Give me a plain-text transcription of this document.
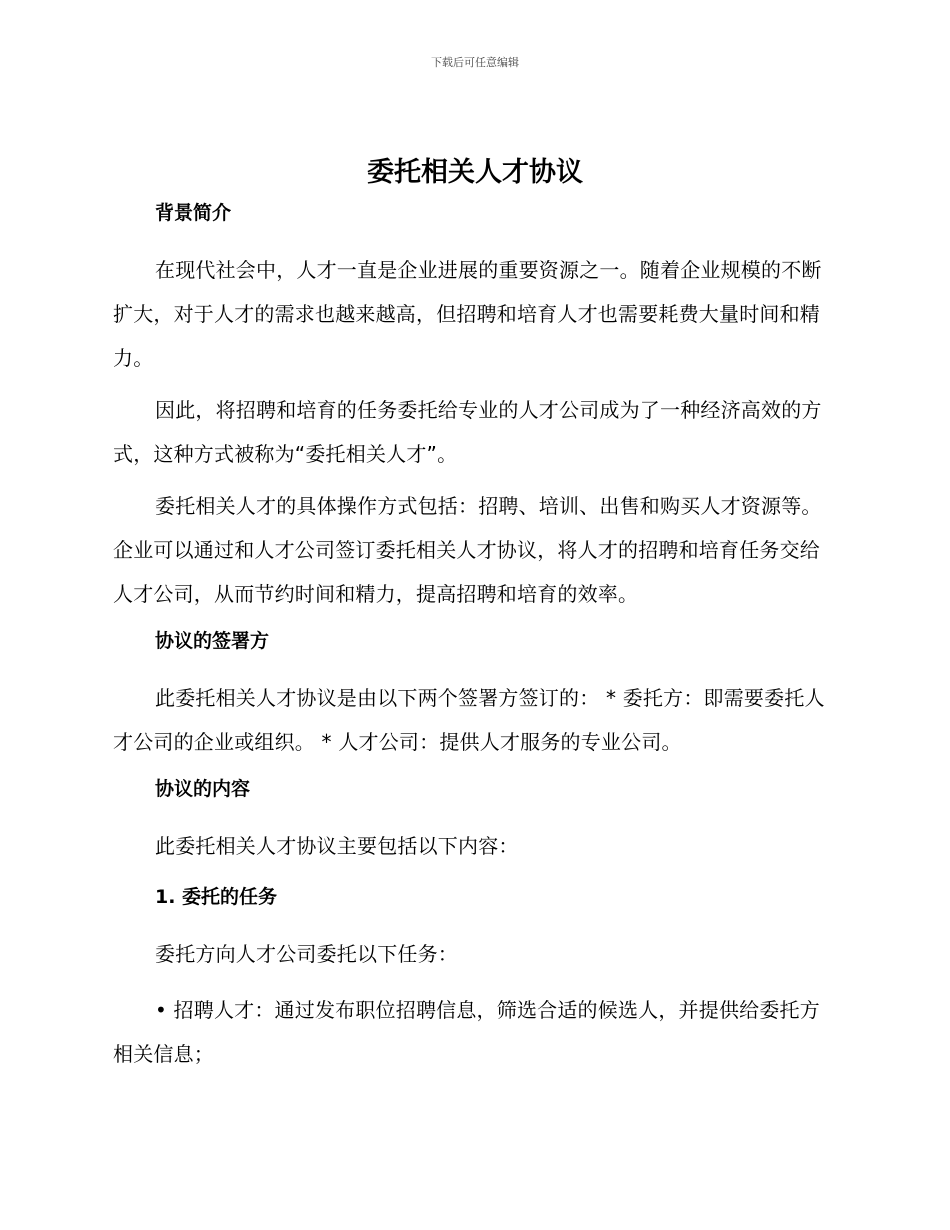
下载后可任意编辑
委托相关人才协议
背景简介
在现代社会中，人才一直是企业进展的重要资源之一。随着企业规模的不断扩大，对于人才的需求也越来越高，但招聘和培育人才也需要耗费大量时间和精力。
因此，将招聘和培育的任务委托给专业的人才公司成为了一种经济高效的方式，这种方式被称为“委托相关人才”。
委托相关人才的具体操作方式包括：招聘、培训、出售和购买人才资源等。企业可以通过和人才公司签订委托相关人才协议，将人才的招聘和培育任务交给人才公司，从而节约时间和精力，提高招聘和培育的效率。
协议的签署方
此委托相关人才协议是由以下两个签署方签订的： * 委托方：即需要委托人才公司的企业或组织。 * 人才公司：提供人才服务的专业公司。
协议的内容
此委托相关人才协议主要包括以下内容：
1. 委托的任务
委托方向人才公司委托以下任务：
• 招聘人才：通过发布职位招聘信息，筛选合适的候选人，并提供给委托方相关信息；
